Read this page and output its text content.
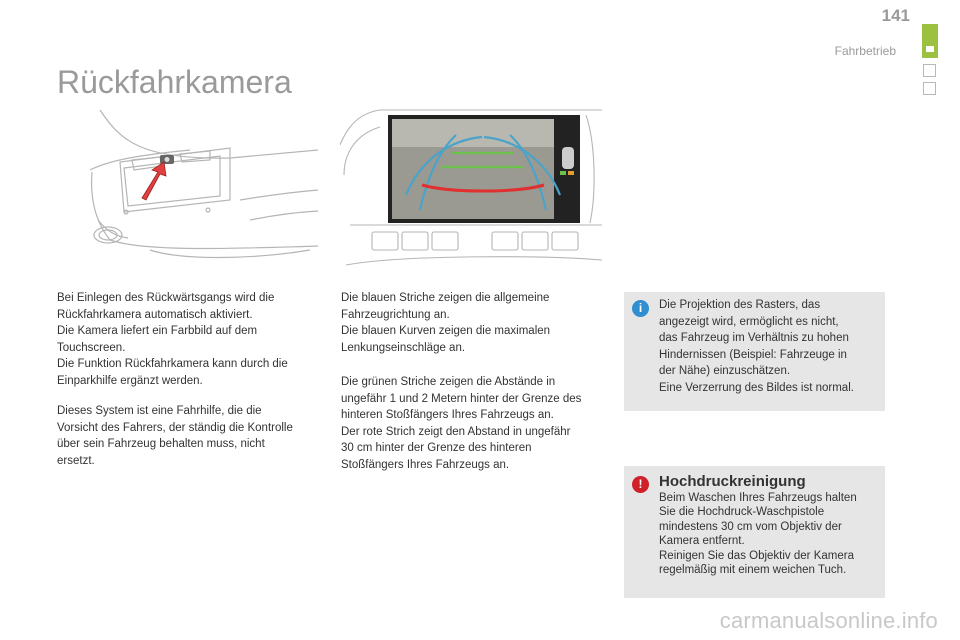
141
Fahrbetrieb
Rückfahrkamera

Bei Einlegen des Rückwärtsgangs wird die

Rückfahrkamera automatisch aktiviert.

Die Kamera liefert ein Farbbild auf dem

Touchscreen.

Die Funktion Rückfahrkamera kann durch die

Einparkhilfe ergänzt werden.

Dieses System ist eine Fahrhilfe, die die

Vorsicht des Fahrers, der ständig die Kontrolle

über sein Fahrzeug behalten muss, nicht

ersetzt.

Die blauen Striche zeigen die allgemeine

Fahrzeugrichtung an.

Die blauen Kurven zeigen die maximalen

Lenkungseinschläge an.

Die grünen Striche zeigen die Abstände in

ungefähr 1 und 2 Metern hinter der Grenze des

hinteren Stoßfängers Ihres Fahrzeugs an.

Der rote Strich zeigt den Abstand in ungefähr

30 cm hinter der Grenze des hinteren

Stoßfängers Ihres Fahrzeugs an.

i	Die Projektion des Rasters, das

angezeigt wird, ermöglicht es nicht,

das Fahrzeug im Verhältnis zu hohen

Hindernissen (Beispiel: Fahrzeuge in

der Nähe) einzuschätzen.

Eine Verzerrung des Bildes ist normal.

!	Hochdruckreinigung

Beim Waschen Ihres Fahrzeugs halten

Sie die Hochdruck-Waschpistole

mindestens 30 cm vom Objektiv der

Kamera entfernt.

Reinigen Sie das Objektiv der Kamera

regelmäßig mit einem weichen Tuch.

carmanualsonline.info
